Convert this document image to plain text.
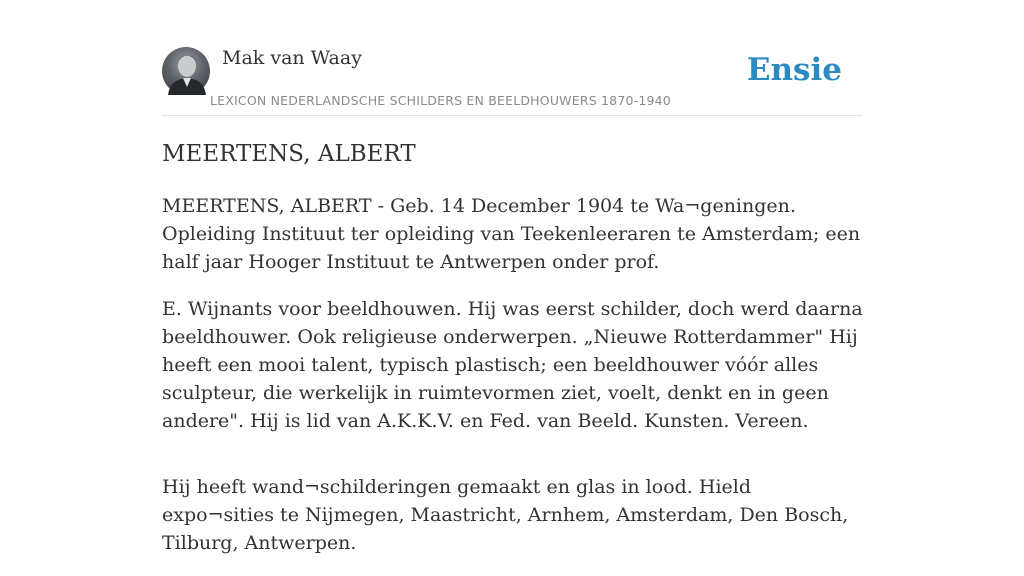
Mak van Waay
LEXICON NEDERLANDSCHE SCHILDERS EN BEELDHOUWERS 1870-1940
Ensie
MEERTENS, ALBERT

MEERTENS, ALBERT - Geb. 14 December 1904 te Wa¬geningen. Opleiding Instituut ter opleiding van Teekenleeraren te Amsterdam; een half jaar Hooger Instituut te Antwerpen onder prof.

E. Wijnants voor beeldhouwen. Hij was eerst schilder, doch werd daarna beeldhouwer. Ook religieuse onderwerpen. „Nieuwe Rotterdammer" Hij heeft een mooi talent, typisch plastisch; een beeldhouwer vóór alles sculpteur, die werkelijk in ruimtevormen ziet, voelt, denkt en in geen andere". Hij is lid van A.K.K.V. en Fed. van Beeld. Kunsten. Vereen.

Hij heeft wand¬schilderingen gemaakt en glas in lood. Hield expo¬sities te Nijmegen, Maastricht, Arnhem, Amsterdam, Den Bosch, Tilburg, Antwerpen.
